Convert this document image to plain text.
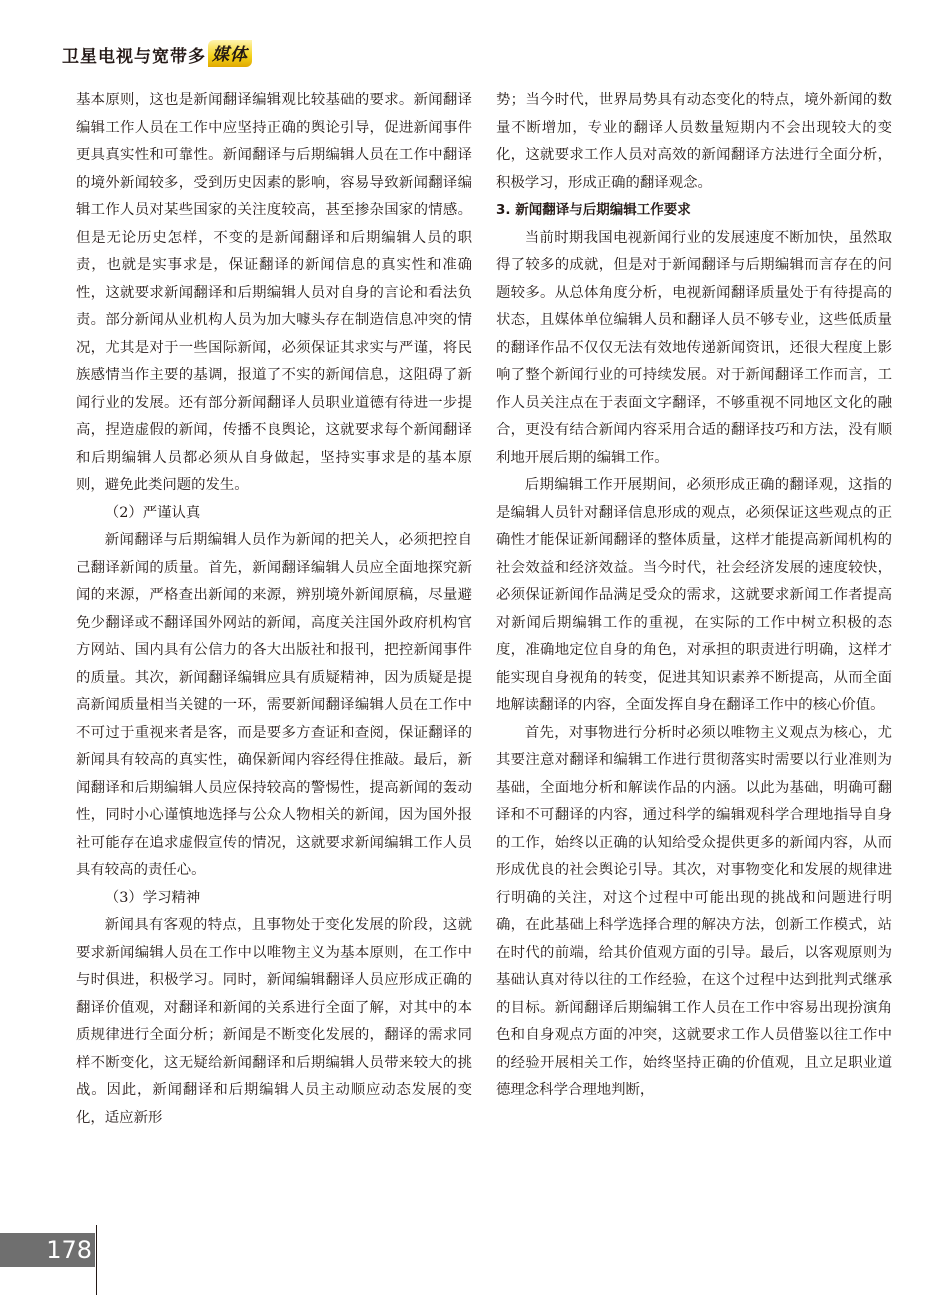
卫星电视与宽带多 媒体

基本原则，这也是新闻翻译编辑观比较基础的要求。新闻翻译编辑工作人员在工作中应坚持正确的舆论引导，促进新闻事件更具真实性和可靠性。新闻翻译与后期编辑人员在工作中翻译的境外新闻较多，受到历史因素的影响，容易导致新闻翻译编辑工作人员对某些国家的关注度较高，甚至掺杂国家的情感。但是无论历史怎样，不变的是新闻翻译和后期编辑人员的职责，也就是实事求是，保证翻译的新闻信息的真实性和准确性，这就要求新闻翻译和后期编辑人员对自身的言论和看法负责。部分新闻从业机构人员为加大噱头存在制造信息冲突的情况，尤其是对于一些国际新闻，必须保证其求实与严谨，将民族感情当作主要的基调，报道了不实的新闻信息，这阻碍了新闻行业的发展。还有部分新闻翻译人员职业道德有待进一步提高，捏造虚假的新闻，传播不良舆论，这就要求每个新闻翻译和后期编辑人员都必须从自身做起，坚持实事求是的基本原则，避免此类问题的发生。

（2）严谨认真

新闻翻译与后期编辑人员作为新闻的把关人，必须把控自己翻译新闻的质量。首先，新闻翻译编辑人员应全面地探究新闻的来源，严格查出新闻的来源，辨别境外新闻原稿，尽量避免少翻译或不翻译国外网站的新闻，高度关注国外政府机构官方网站、国内具有公信力的各大出版社和报刊，把控新闻事件的质量。其次，新闻翻译编辑应具有质疑精神，因为质疑是提高新闻质量相当关键的一环，需要新闻翻译编辑人员在工作中不可过于重视来者是客，而是要多方查证和查阅，保证翻译的新闻具有较高的真实性，确保新闻内容经得住推敲。最后，新闻翻译和后期编辑人员应保持较高的警惕性，提高新闻的轰动性，同时小心谨慎地选择与公众人物相关的新闻，因为国外报社可能存在追求虚假宣传的情况，这就要求新闻编辑工作人员具有较高的责任心。

（3）学习精神

新闻具有客观的特点，且事物处于变化发展的阶段，这就要求新闻编辑人员在工作中以唯物主义为基本原则，在工作中与时俱进，积极学习。同时，新闻编辑翻译人员应形成正确的翻译价值观，对翻译和新闻的关系进行全面了解，对其中的本质规律进行全面分析；新闻是不断变化发展的，翻译的需求同样不断变化，这无疑给新闻翻译和后期编辑人员带来较大的挑战。因此，新闻翻译和后期编辑人员主动顺应动态发展的变化，适应新形

势；当今时代，世界局势具有动态变化的特点，境外新闻的数量不断增加，专业的翻译人员数量短期内不会出现较大的变化，这就要求工作人员对高效的新闻翻译方法进行全面分析，积极学习，形成正确的翻译观念。

3. 新闻翻译与后期编辑工作要求

当前时期我国电视新闻行业的发展速度不断加快，虽然取得了较多的成就，但是对于新闻翻译与后期编辑而言存在的问题较多。从总体角度分析，电视新闻翻译质量处于有待提高的状态，且媒体单位编辑人员和翻译人员不够专业，这些低质量的翻译作品不仅仅无法有效地传递新闻资讯，还很大程度上影响了整个新闻行业的可持续发展。对于新闻翻译工作而言，工作人员关注点在于表面文字翻译，不够重视不同地区文化的融合，更没有结合新闻内容采用合适的翻译技巧和方法，没有顺利地开展后期的编辑工作。

后期编辑工作开展期间，必须形成正确的翻译观，这指的是编辑人员针对翻译信息形成的观点，必须保证这些观点的正确性才能保证新闻翻译的整体质量，这样才能提高新闻机构的社会效益和经济效益。当今时代，社会经济发展的速度较快，必须保证新闻作品满足受众的需求，这就要求新闻工作者提高对新闻后期编辑工作的重视，在实际的工作中树立积极的态度，准确地定位自身的角色，对承担的职责进行明确，这样才能实现自身视角的转变，促进其知识素养不断提高，从而全面地解读翻译的内容，全面发挥自身在翻译工作中的核心价值。

首先，对事物进行分析时必须以唯物主义观点为核心，尤其要注意对翻译和编辑工作进行贯彻落实时需要以行业准则为基础，全面地分析和解读作品的内涵。以此为基础，明确可翻译和不可翻译的内容，通过科学的编辑观科学合理地指导自身的工作，始终以正确的认知给受众提供更多的新闻内容，从而形成优良的社会舆论引导。其次，对事物变化和发展的规律进行明确的关注，对这个过程中可能出现的挑战和问题进行明确，在此基础上科学选择合理的解决方法，创新工作模式，站在时代的前端，给其价值观方面的引导。最后，以客观原则为基础认真对待以往的工作经验，在这个过程中达到批判式继承的目标。新闻翻译后期编辑工作人员在工作中容易出现扮演角色和自身观点方面的冲突，这就要求工作人员借鉴以往工作中的经验开展相关工作，始终坚持正确的价值观，且立足职业道德理念科学合理地判断，

178
